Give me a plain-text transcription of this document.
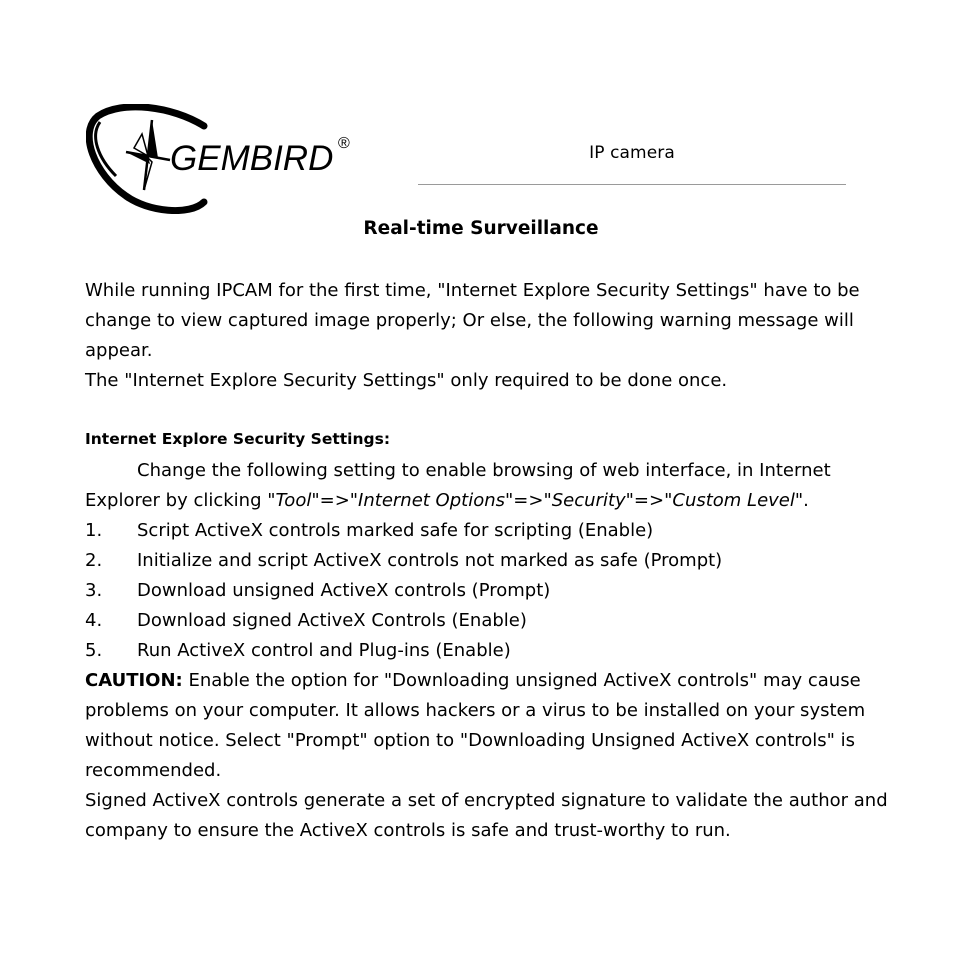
GEMBIRD ®	IP camera
Real-time Surveillance
While running IPCAM for the first time, "Internet Explore Security Settings" have to be
change to view captured image properly; Or else, the following warning message will
appear.
The "Internet Explore Security Settings" only required to be done once.
Internet Explore Security Settings:
Change the following setting to enable browsing of web interface, in Internet
Explorer by clicking "Tool"=>"Internet Options"=>"Security"=>"Custom Level".
1.	Script ActiveX controls marked safe for scripting (Enable)
2.	Initialize and script ActiveX controls not marked as safe (Prompt)
3.	Download unsigned ActiveX controls (Prompt)
4.	Download signed ActiveX Controls (Enable)
5.	Run ActiveX control and Plug-ins (Enable)
CAUTION: Enable the option for "Downloading unsigned ActiveX controls" may cause
problems on your computer. It allows hackers or a virus to be installed on your system
without notice. Select "Prompt" option to "Downloading Unsigned ActiveX controls" is
recommended.
Signed ActiveX controls generate a set of encrypted signature to validate the author and
company to ensure the ActiveX controls is safe and trust-worthy to run.
